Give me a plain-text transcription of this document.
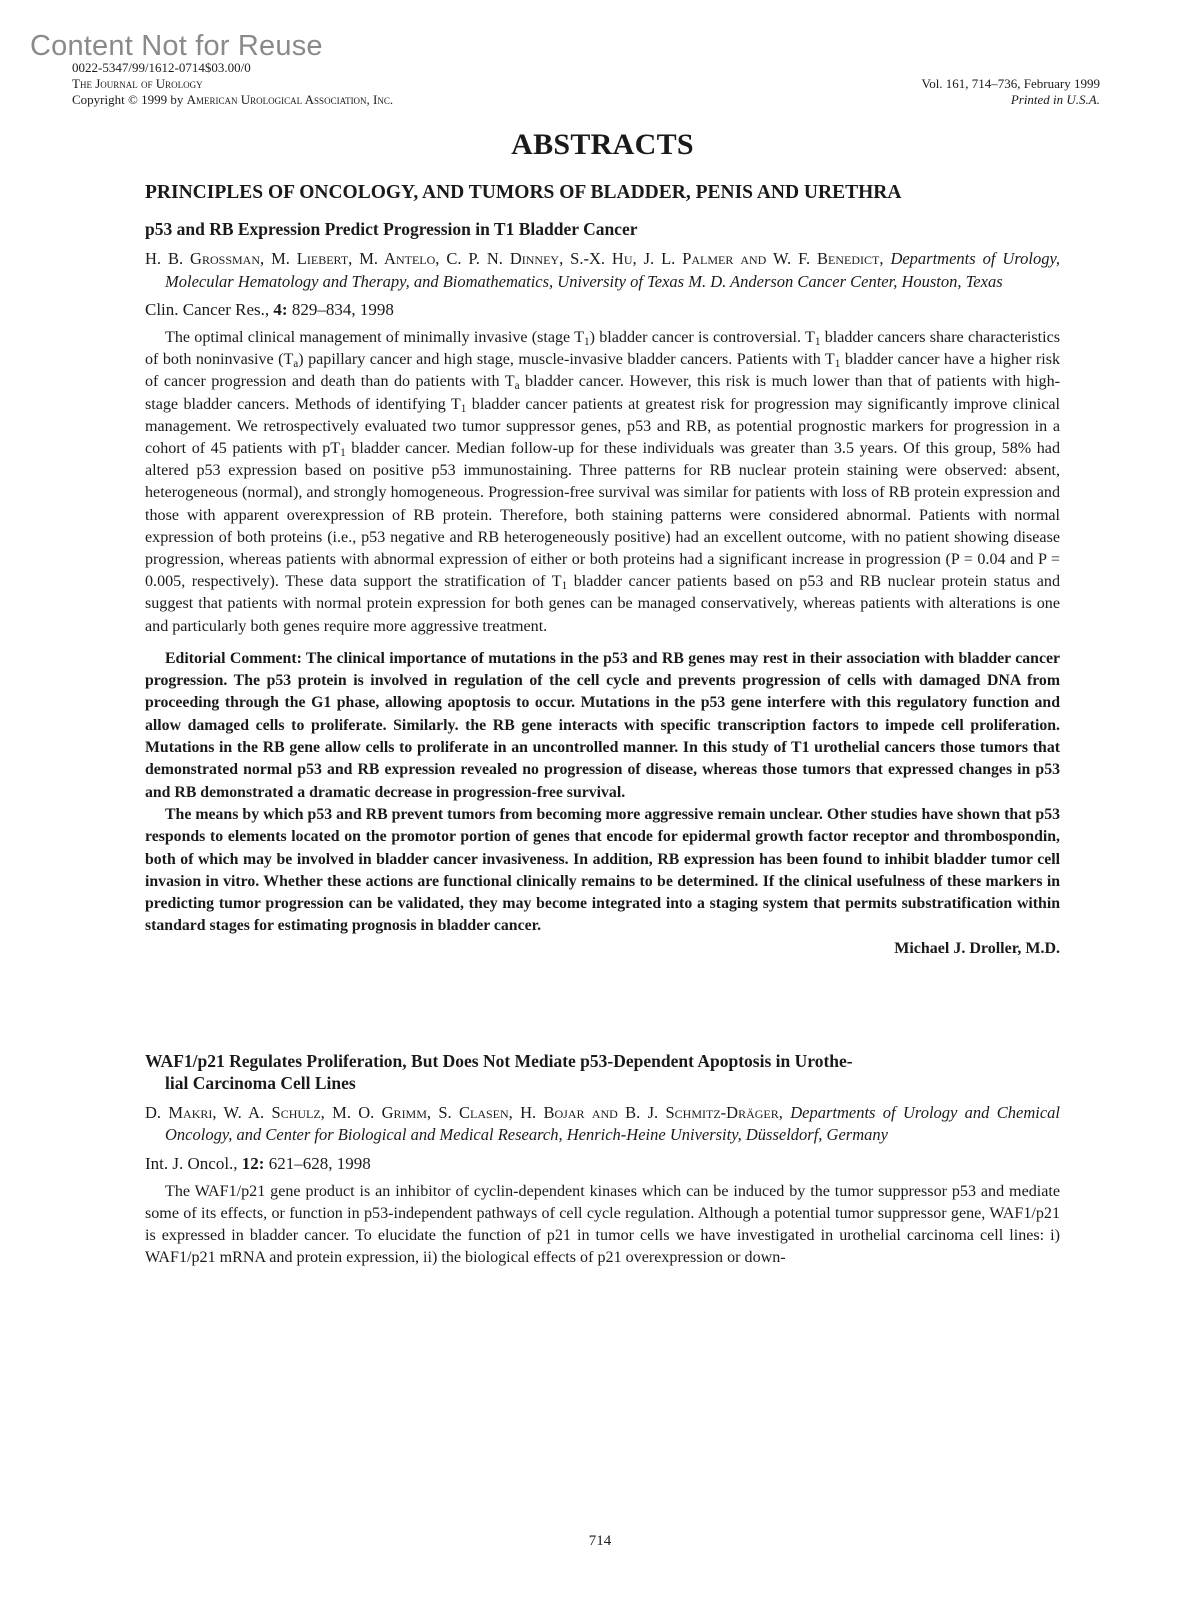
Content Not for Reuse
0022-5347/99/1612-0714$03.00/0
The Journal of Urology
Copyright © 1999 by American Urological Association, Inc.
Vol. 161, 714–736, February 1999
Printed in U.S.A.
ABSTRACTS
PRINCIPLES OF ONCOLOGY, AND TUMORS OF BLADDER, PENIS AND URETHRA
p53 and RB Expression Predict Progression in T1 Bladder Cancer
H. B. Grossman, M. Liebert, M. Antelo, C. P. N. Dinney, S.-X. Hu, J. L. Palmer and W. F. Benedict, Departments of Urology, Molecular Hematology and Therapy, and Biomathematics, University of Texas M. D. Anderson Cancer Center, Houston, Texas
Clin. Cancer Res., 4: 829–834, 1998

The optimal clinical management of minimally invasive (stage $T_1$) bladder cancer is controversial. $T_1$ bladder cancers share characteristics of both noninvasive $(T_a)$ papillary cancer and high stage, muscle-invasive bladder cancers. Patients with $T_1$ bladder cancer have a higher risk of cancer progression and death than do patients with $T_a$ bladder cancer. However, this risk is much lower than that of patients with high-stage bladder cancers. Methods of identifying $T_1$ bladder cancer patients at greatest risk for progression may significantly improve clinical management. We retrospectively evaluated two tumor suppressor genes, p53 and RB, as potential prognostic markers for progression in a cohort of 45 patients with $pT_1$ bladder cancer. Median follow-up for these individuals was greater than 3.5 years. Of this group, 58% had altered p53 expression based on positive p53 immunostaining. Three patterns for RB nuclear protein staining were observed: absent, heterogeneous (normal), and strongly homogeneous. Progression-free survival was similar for patients with loss of RB protein expression and those with apparent overexpression of RB protein. Therefore, both staining patterns were considered abnormal. Patients with normal expression of both proteins (i.e., p53 negative and RB heterogeneously positive) had an excellent outcome, with no patient showing disease progression, whereas patients with abnormal expression of either or both proteins had a significant increase in progression (P = 0.04 and P = 0.005, respectively). These data support the stratification of $T_1$ bladder cancer patients based on p53 and RB nuclear protein status and suggest that patients with normal protein expression for both genes can be managed conservatively, whereas patients with alterations is one and particularly both genes require more aggressive treatment.

Editorial Comment: The clinical importance of mutations in the p53 and RB genes may rest in their association with bladder cancer progression. The p53 protein is involved in regulation of the cell cycle and prevents progression of cells with damaged DNA from proceeding through the G1 phase, allowing apoptosis to occur. Mutations in the p53 gene interfere with this regulatory function and allow damaged cells to proliferate. Similarly. the RB gene interacts with specific transcription factors to impede cell proliferation. Mutations in the RB gene allow cells to proliferate in an uncontrolled manner. In this study of T1 urothelial cancers those tumors that demonstrated normal p53 and RB expression revealed no progression of disease, whereas those tumors that expressed changes in p53 and RB demonstrated a dramatic decrease in progression-free survival.

The means by which p53 and RB prevent tumors from becoming more aggressive remain unclear. Other studies have shown that p53 responds to elements located on the promotor portion of genes that encode for epidermal growth factor receptor and thrombospondin, both of which may be involved in bladder cancer invasiveness. In addition, RB expression has been found to inhibit bladder tumor cell invasion in vitro. Whether these actions are functional clinically remains to be determined. If the clinical usefulness of these markers in predicting tumor progression can be validated, they may become integrated into a staging system that permits substratification within standard stages for estimating prognosis in bladder cancer.

Michael J. Droller, M.D.
WAF1/p21 Regulates Proliferation, But Does Not Mediate p53-Dependent Apoptosis in Urothe-
lial Carcinoma Cell Lines
D. Makri, W. A. Schulz, M. O. Grimm, S. Clasen, H. Bojar and B. J. Schmitz-Dräger, Departments of Urology and Chemical Oncology, and Center for Biological and Medical Research, Henrich-Heine University, Düsseldorf, Germany
Int. J. Oncol., 12: 621–628, 1998

The WAF1/p21 gene product is an inhibitor of cyclin-dependent kinases which can be induced by the tumor suppressor p53 and mediate some of its effects, or function in p53-independent pathways of cell cycle regulation. Although a potential tumor suppressor gene, WAF1/p21 is expressed in bladder cancer. To elucidate the function of p21 in tumor cells we have investigated in urothelial carcinoma cell lines: i) WAF1/p21 mRNA and protein expression, ii) the biological effects of p21 overexpression or down-

714
